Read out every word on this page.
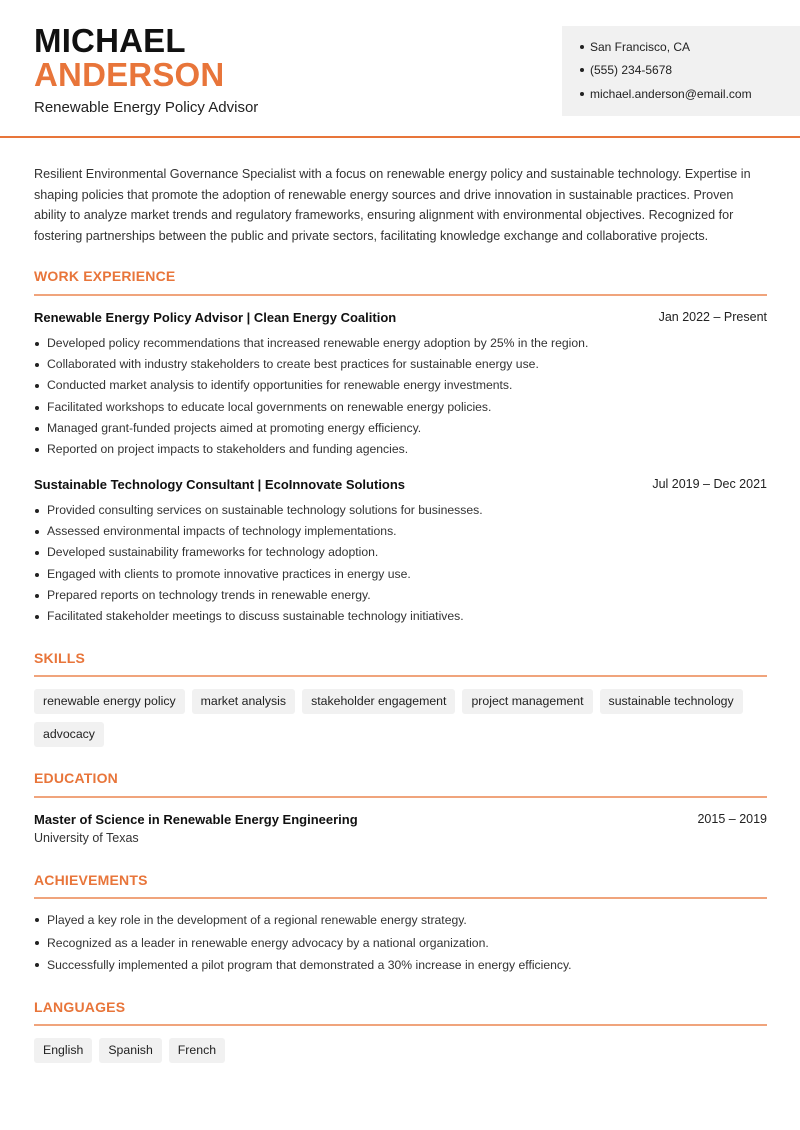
MICHAEL
ANDERSON
Renewable Energy Policy Advisor
San Francisco, CA
(555) 234-5678
michael.anderson@email.com
Resilient Environmental Governance Specialist with a focus on renewable energy policy and sustainable technology. Expertise in shaping policies that promote the adoption of renewable energy sources and drive innovation in sustainable practices. Proven ability to analyze market trends and regulatory frameworks, ensuring alignment with environmental objectives. Recognized for fostering partnerships between the public and private sectors, facilitating knowledge exchange and collaborative projects.
WORK EXPERIENCE
Renewable Energy Policy Advisor | Clean Energy Coalition	Jan 2022 – Present
Developed policy recommendations that increased renewable energy adoption by 25% in the region.
Collaborated with industry stakeholders to create best practices for sustainable energy use.
Conducted market analysis to identify opportunities for renewable energy investments.
Facilitated workshops to educate local governments on renewable energy policies.
Managed grant-funded projects aimed at promoting energy efficiency.
Reported on project impacts to stakeholders and funding agencies.
Sustainable Technology Consultant | EcoInnovate Solutions	Jul 2019 – Dec 2021
Provided consulting services on sustainable technology solutions for businesses.
Assessed environmental impacts of technology implementations.
Developed sustainability frameworks for technology adoption.
Engaged with clients to promote innovative practices in energy use.
Prepared reports on technology trends in renewable energy.
Facilitated stakeholder meetings to discuss sustainable technology initiatives.
SKILLS
renewable energy policy	market analysis	stakeholder engagement	project management	sustainable technology
advocacy
EDUCATION
Master of Science in Renewable Energy Engineering	2015 – 2019
University of Texas
ACHIEVEMENTS
Played a key role in the development of a regional renewable energy strategy.
Recognized as a leader in renewable energy advocacy by a national organization.
Successfully implemented a pilot program that demonstrated a 30% increase in energy efficiency.
LANGUAGES
English	Spanish	French
